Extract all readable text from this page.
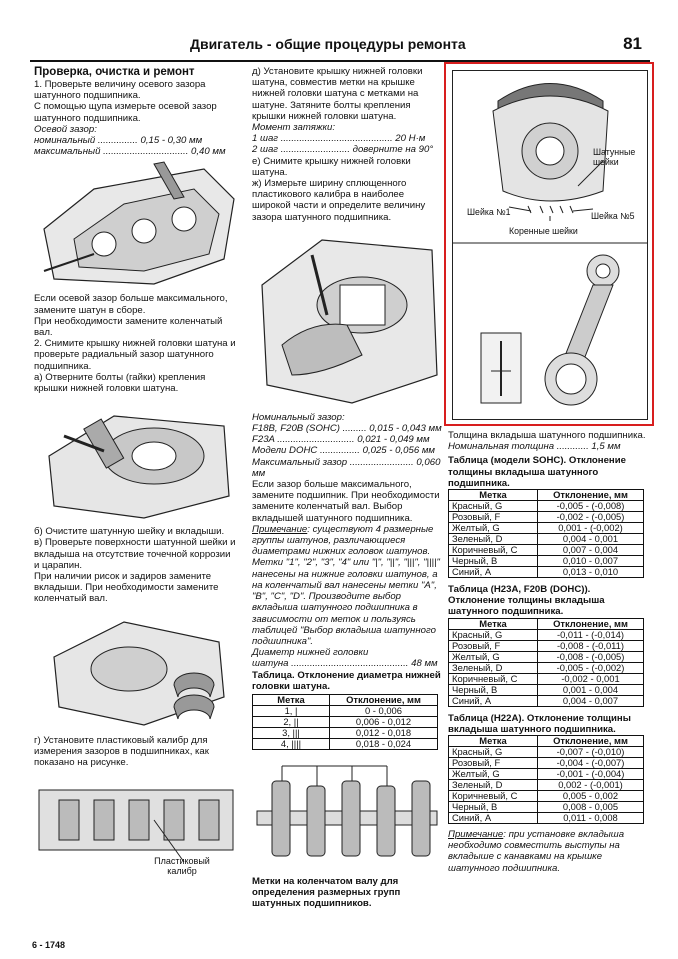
Двигатель - общие процедуры ремонта	81

Проверка, очистка и ремонт

1. Проверьте величину осевого зазора шатунного подшипника.

С помощью щупа измерьте осевой зазор шатунного подшипника.

Осевой зазор:

номинальный ............... 0,15 - 0,30 мм

максимальный ................................ 0,40 мм

Если осевой зазор больше максимального, замените шатун в сборе.

При необходимости замените коленчатый вал.

2. Снимите крышку нижней головки шатуна и проверьте радиальный зазор шатунного подшипника.

а) Отверните болты (гайки) крепления крышки нижней головки шатуна.

б) Очистите шатунную шейку и вкладыши.

в) Проверьте поверхности шатунной шейки и вкладыша на отсутствие точечной коррозии и царапин.

При наличии рисок и задиров замените вкладыши. При необходимости замените коленчатый вал.

г) Установите пластиковый калибр для измерения зазоров в подшипниках, как показано на рисунке.

Пластиковый калибр

д) Установите крышку нижней головки шатуна, совместив метки на крышке нижней головки шатуна с метками на шатуне. Затяните болты крепления крышки нижней головки шатуна.

Момент затяжки:

1 шаг .......................................... 20 Н·м

2 шаг .......................... доверните на 90°

е) Снимите крышку нижней головки шатуна.

ж) Измерьте ширину сплющенного пластикового калибра в наиболее широкой части и определите величину зазора шатунного подшипника.

Номинальный зазор:

F18B, F20B (SOHC) ......... 0,015 - 0,043 мм

F23A ............................. 0,021 - 0,049 мм

Модели DOHC ............... 0,025 - 0,056 мм

Максимальный зазор ........................ 0,060 мм

Если зазор больше максимального, замените подшипник. При необходимости замените коленчатый вал. Выбор вкладышей шатунного подшипника.

Примечание: существуют 4 размерные группы шатунов, различающиеся диаметрами нижних головок шатунов. Метки "1", "2", "3", "4" или "|", "||", "|||", "||||" нанесены на нижние головки шатунов, а на коленчатый вал нанесены метки "А", "В", "С", "D". Производите выбор вкладыша шатунного подшипника в зависимости от меток и пользуясь таблицей "Выбор вкладыша шатунного подшипника".

Диаметр нижней головки

шатуна ............................................ 48 мм

Таблица. Отклонение диаметра нижней головки шатуна.

Метка	Отклонение, мм
1, |	0 - 0,006
2, ||	0,006 - 0,012
3, |||	0,012 - 0,018
4, ||||	0,018 - 0,024

Метки на коленчатом валу для определения размерных групп шатунных подшипников.

Шатунные шейки
Шейка №1	Шейка №5
Коренные шейки

Толщина вкладыша шатунного подшипника.

Номинальная толщина ............ 1,5 мм

Таблица (модели SOHC). Отклонение толщины вкладыша шатунного подшипника.

Метка	Отклонение, мм
Красный, G	-0,005 - (-0,008)
Розовый, F	-0,002 - (-0,005)
Желтый, G	0,001 - (-0,002)
Зеленый, D	0,004 - 0,001
Коричневый, C	0,007 - 0,004
Черный, B	0,010 - 0,007
Синий, A	0,013 - 0,010

Таблица (H23A, F20B (DOHC)). Отклонение толщины вкладыша шатунного подшипника.

Метка	Отклонение, мм
Красный, G	-0,011 - (-0,014)
Розовый, F	-0,008 - (-0,011)
Желтый, G	-0,008 - (-0,005)
Зеленый, D	-0,005 - (-0,002)
Коричневый, C	-0,002 - 0,001
Черный, B	0,001 - 0,004
Синий, A	0,004 - 0,007

Таблица (H22A). Отклонение толщины вкладыша шатунного подшипника.

Метка	Отклонение, мм
Красный, G	-0,007 - (-0,010)
Розовый, F	-0,004 - (-0,007)
Желтый, G	-0,001 - (-0,004)
Зеленый, D	0,002 - (-0,001)
Коричневый, C	0,005 - 0,002
Черный, B	0,008 - 0,005
Синий, A	0,011 - 0,008

Примечание: при установке вкладыша необходимо совместить выступы на вкладыше с канавками на крышке шатунного подшипника.

6 - 1748
